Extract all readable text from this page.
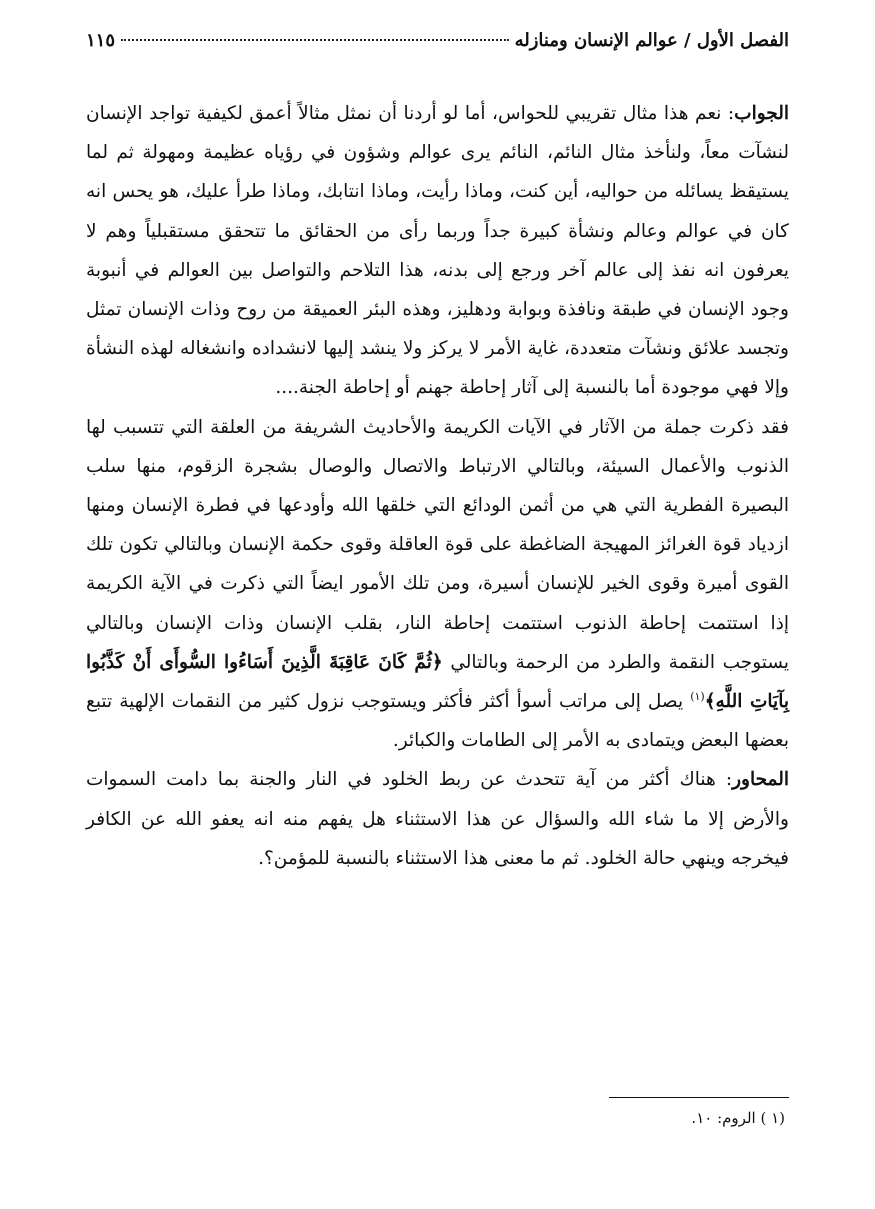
الفصل الأول / عوالم الإنسان ومنازله
١١٥

الجواب: نعم هذا مثال تقريبي للحواس، أما لو أردنا أن نمثل مثالاً أعمق لكيفية تواجد الإنسان لنشآت معاً، ولنأخذ مثال النائم، النائم يرى عوالم وشؤون في رؤياه عظيمة ومهولة ثم لما يستيقظ يسائله من حواليه، أين كنت، وماذا رأيت، وماذا انتابك، وماذا طرأ عليك، هو يحس انه كان في عوالم وعالم ونشأة كبيرة جداً وربما رأى من الحقائق ما تتحقق مستقبلياً وهم لا يعرفون انه نفذ إلى عالم آخر ورجع إلى بدنه، هذا التلاحم والتواصل بين العوالم في أنبوبة وجود الإنسان في طبقة ونافذة وبوابة ودهليز، وهذه البئر العميقة من روح وذات الإنسان تمثل وتجسد علائق ونشآت متعددة، غاية الأمر لا يركز ولا ينشد إليها لانشداده وانشغاله لهذه النشأة وإلا فهي موجودة أما بالنسبة إلى آثار إحاطة جهنم أو إحاطة الجنة....

فقد ذكرت جملة من الآثار في الآيات الكريمة والأحاديث الشريفة من العلقة التي تتسبب لها الذنوب والأعمال السيئة، وبالتالي الارتباط والاتصال والوصال بشجرة الزقوم، منها سلب البصيرة الفطرية التي هي من أثمن الودائع التي خلقها الله وأودعها في فطرة الإنسان ومنها ازدياد قوة الغرائز المهيجة الضاغطة على قوة العاقلة وقوى حكمة الإنسان وبالتالي تكون تلك القوى أميرة وقوى الخير للإنسان أسيرة، ومن تلك الأمور ايضاً التي ذكرت في الآية الكريمة إذا استتمت إحاطة الذنوب استتمت إحاطة النار، بقلب الإنسان وذات الإنسان وبالتالي يستوجب النقمة والطرد من الرحمة وبالتالي ﴿ثُمَّ كَانَ عَاقِبَةَ الَّذِينَ أَسَاءُوا السُّوأَى أَنْ كَذَّبُوا بِآيَاتِ اللَّهِ﴾$^{(١)}$ يصل إلى مراتب أسوأ أكثر فأكثر ويستوجب نزول كثير من النقمات الإلهية تتبع بعضها البعض ويتمادى به الأمر إلى الطامات والكبائر.

المحاور: هناك أكثر من آية تتحدث عن ربط الخلود في النار والجنة بما دامت السموات والأرض إلا ما شاء الله والسؤال عن هذا الاستثناء هل يفهم منه انه يعفو الله عن الكافر فيخرجه وينهي حالة الخلود. ثم ما معنى هذا الاستثناء بالنسبة للمؤمن؟.

(١ ) الروم: ١٠.
